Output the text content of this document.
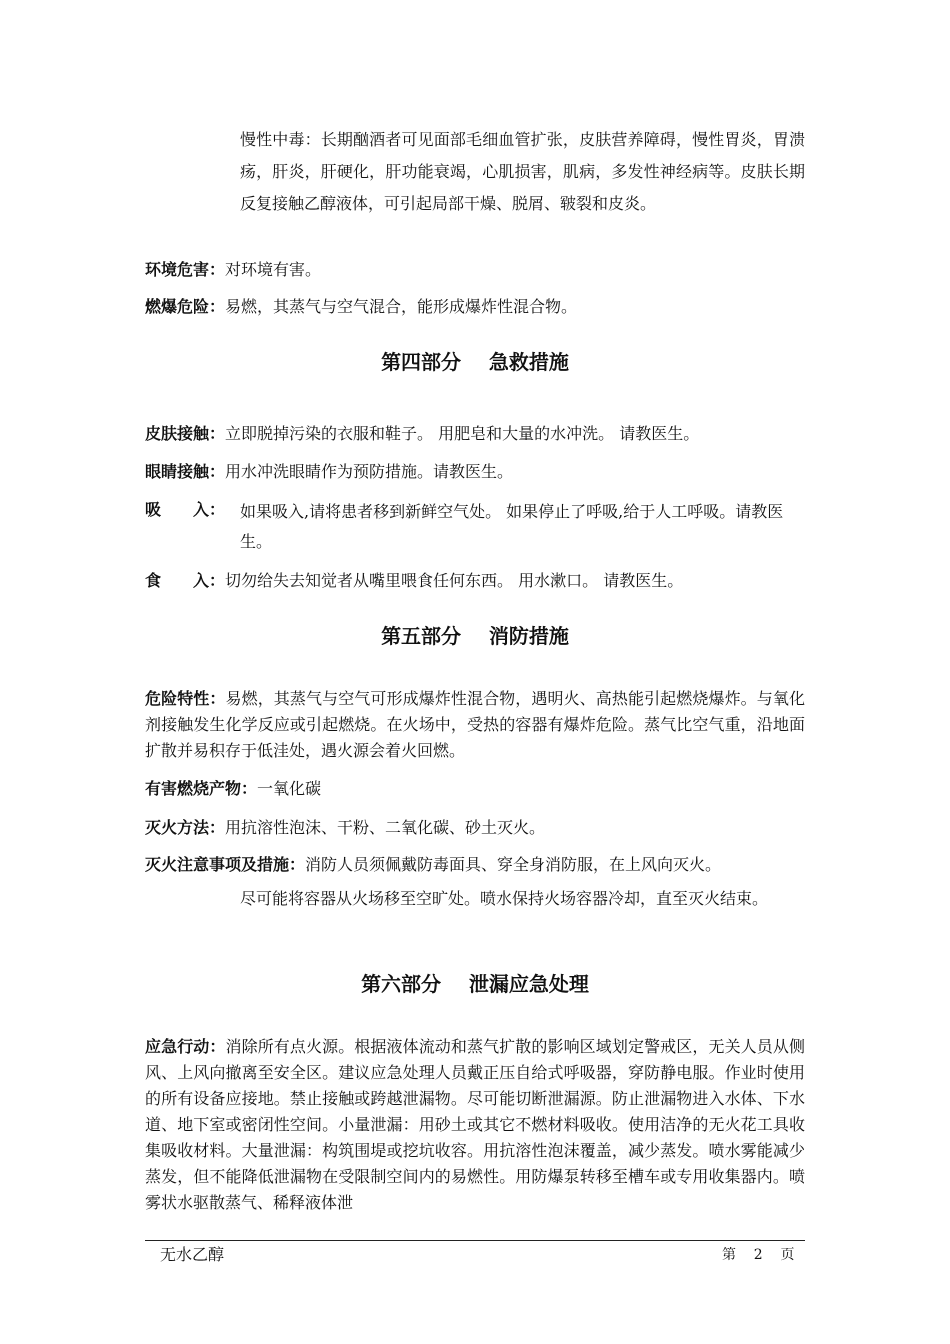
慢性中毒：长期酗酒者可见面部毛细血管扩张，皮肤营养障碍，慢性胃炎，胃溃疡，肝炎，肝硬化，肝功能衰竭，心肌损害，肌病，多发性神经病等。皮肤长期反复接触乙醇液体，可引起局部干燥、脱屑、皲裂和皮炎。
环境危害：对环境有害。
燃爆危险：易燃，其蒸气与空气混合，能形成爆炸性混合物。
第四部分    急救措施
皮肤接触：立即脱掉污染的衣服和鞋子。 用肥皂和大量的水冲洗。 请教医生。
眼睛接触：用水冲洗眼睛作为预防措施。请教医生。
吸　　入： 如果吸入,请将患者移到新鲜空气处。 如果停止了呼吸,给于人工呼吸。请教医生。
食　　入：切勿给失去知觉者从嘴里喂食任何东西。 用水漱口。 请教医生。
第五部分    消防措施
危险特性：易燃，其蒸气与空气可形成爆炸性混合物，遇明火、高热能引起燃烧爆炸。与氧化剂接触发生化学反应或引起燃烧。在火场中，受热的容器有爆炸危险。蒸气比空气重，沿地面扩散并易积存于低洼处，遇火源会着火回燃。
有害燃烧产物：一氧化碳
灭火方法：用抗溶性泡沫、干粉、二氧化碳、砂土灭火。
灭火注意事项及措施：消防人员须佩戴防毒面具、穿全身消防服，在上风向灭火。
尽可能将容器从火场移至空旷处。喷水保持火场容器冷却，直至灭火结束。
第六部分    泄漏应急处理
应急行动：消除所有点火源。根据液体流动和蒸气扩散的影响区域划定警戒区，无关人员从侧风、上风向撤离至安全区。建议应急处理人员戴正压自给式呼吸器，穿防静电服。作业时使用的所有设备应接地。禁止接触或跨越泄漏物。尽可能切断泄漏源。防止泄漏物进入水体、下水道、地下室或密闭性空间。小量泄漏：用砂土或其它不燃材料吸收。使用洁净的无火花工具收集吸收材料。大量泄漏：构筑围堤或挖坑收容。用抗溶性泡沫覆盖，减少蒸发。喷水雾能减少蒸发，但不能降低泄漏物在受限制空间内的易燃性。用防爆泵转移至槽车或专用收集器内。喷雾状水驱散蒸气、稀释液体泄
无水乙醇	第    2    页
